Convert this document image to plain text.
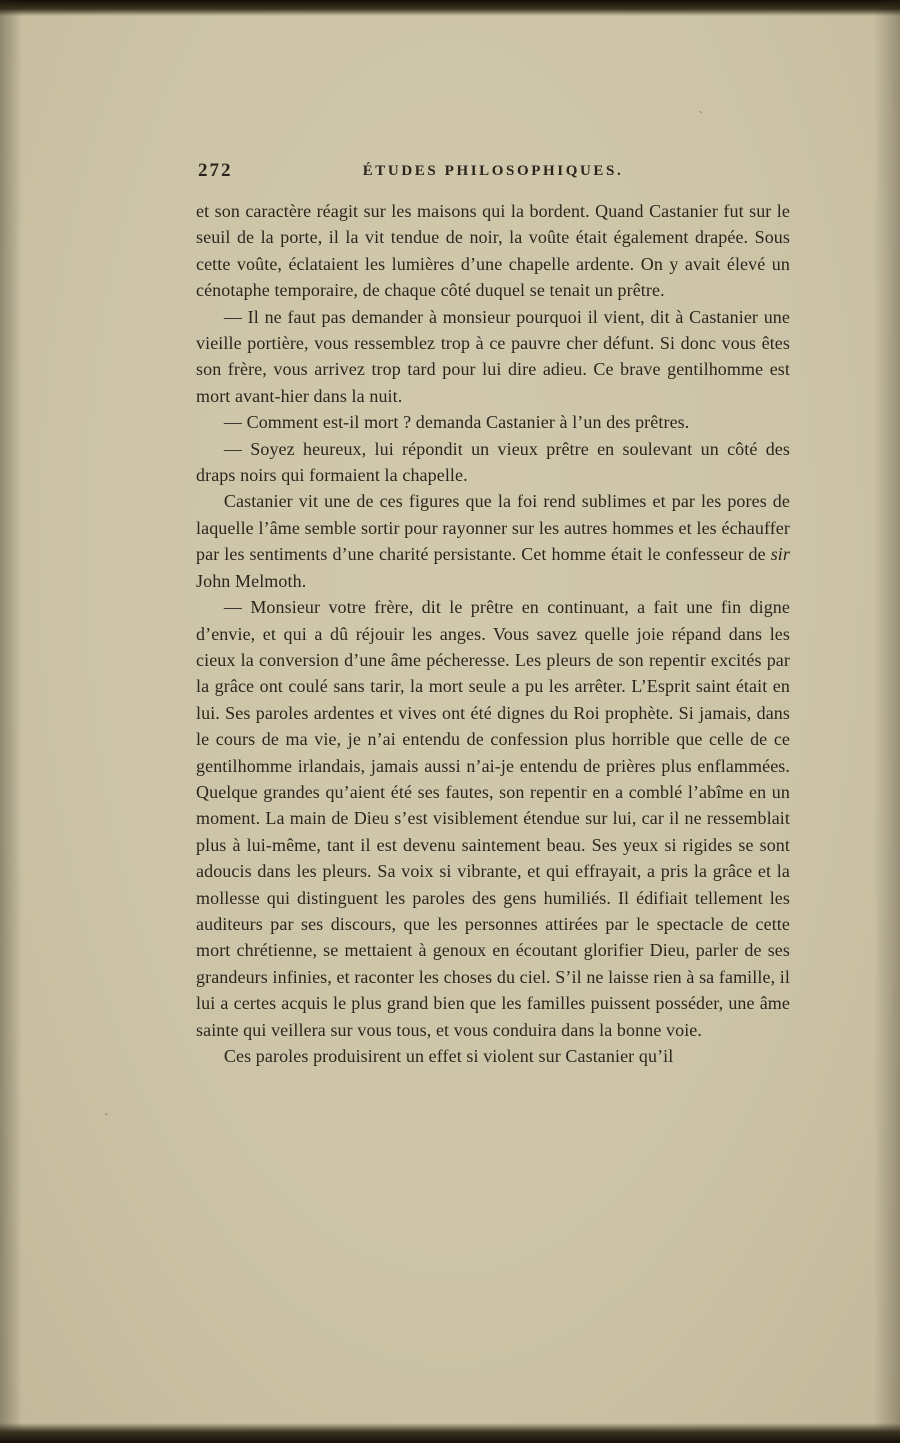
`
`
272	ÉTUDES PHILOSOPHIQUES.

et son caractère réagit sur les maisons qui la bordent. Quand Castanier fut sur le seuil de la porte, il la vit tendue de noir, la voûte était également drapée. Sous cette voûte, éclataient les lumières d’une chapelle ardente. On y avait élevé un cénotaphe temporaire, de chaque côté duquel se tenait un prêtre.

— Il ne faut pas demander à monsieur pourquoi il vient, dit à Castanier une vieille portière, vous ressemblez trop à ce pauvre cher défunt. Si donc vous êtes son frère, vous arrivez trop tard pour lui dire adieu. Ce brave gentilhomme est mort avant-hier dans la nuit.

— Comment est-il mort ? demanda Castanier à l’un des prêtres.

— Soyez heureux, lui répondit un vieux prêtre en soulevant un côté des draps noirs qui formaient la chapelle.

Castanier vit une de ces figures que la foi rend sublimes et par les pores de laquelle l’âme semble sortir pour rayonner sur les autres hommes et les échauffer par les sentiments d’une charité persistante. Cet homme était le confesseur de sir John Melmoth.

— Monsieur votre frère, dit le prêtre en continuant, a fait une fin digne d’envie, et qui a dû réjouir les anges. Vous savez quelle joie répand dans les cieux la conversion d’une âme pécheresse. Les pleurs de son repentir excités par la grâce ont coulé sans tarir, la mort seule a pu les arrêter. L’Esprit saint était en lui. Ses paroles ardentes et vives ont été dignes du Roi prophète. Si jamais, dans le cours de ma vie, je n’ai entendu de confession plus horrible que celle de ce gentilhomme irlandais, jamais aussi n’ai-je entendu de prières plus enflammées. Quelque grandes qu’aient été ses fautes, son repentir en a comblé l’abîme en un moment. La main de Dieu s’est visiblement étendue sur lui, car il ne ressemblait plus à lui-même, tant il est devenu saintement beau. Ses yeux si rigides se sont adoucis dans les pleurs. Sa voix si vibrante, et qui effrayait, a pris la grâce et la mollesse qui distinguent les paroles des gens humiliés. Il édifiait tellement les auditeurs par ses discours, que les personnes attirées par le spectacle de cette mort chrétienne, se mettaient à genoux en écoutant glorifier Dieu, parler de ses grandeurs infinies, et raconter les choses du ciel. S’il ne laisse rien à sa famille, il lui a certes acquis le plus grand bien que les familles puissent posséder, une âme sainte qui veillera sur vous tous, et vous conduira dans la bonne voie.

Ces paroles produisirent un effet si violent sur Castanier qu’il
